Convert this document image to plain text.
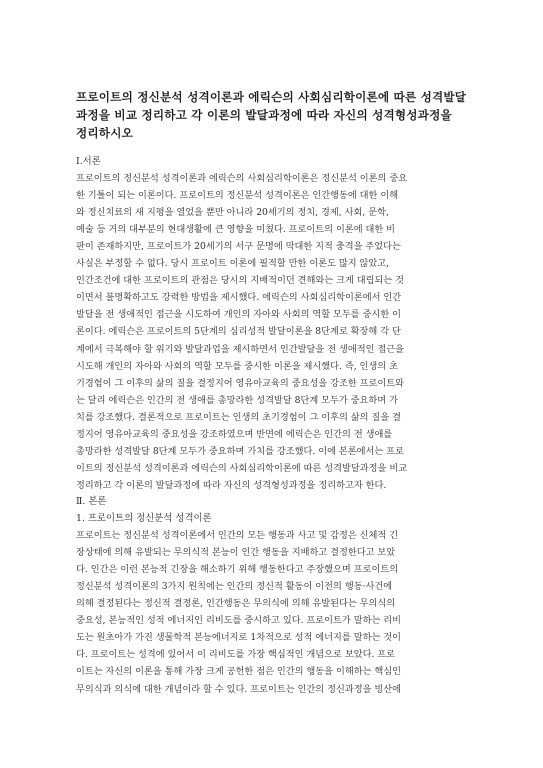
프로이트의 정신분석 성격이론과 에릭슨의 사회심리학이론에 따른 성격발달
과정을 비교 정리하고 각 이론의 발달과정에 따라 자신의 성격형성과정을
정리하시오
Ⅰ.서론
프로이트의 정신분석 성격이론과 에릭슨의 사회심리학이론은 정신분석 이론의 중요
한 기틀이 되는 이론이다. 프로이트의 정신분석 성격이론은 인간행동에 대한 이해
와 정신치료의 새 지평을 열었을 뿐만 아니라 20세기의 정치, 경제, 사회, 문학,
예술 등 거의 대부분의 현대생활에 큰 영향을 미쳤다. 프로이트의 이론에 대한 비
판이 존재하지만, 프로이트가 20세기의 서구 문명에 막대한 지적 충격을 주었다는
사실은 부정할 수 없다. 당시 프로이트 이론에 필적할 만한 이론도 많지 않았고,
인간조건에 대한 프로이트의 관점은 당시의 지배적이던 견해와는 크게 대립되는 것
이면서 불명확하고도 강력한 방법을 제시했다. 에릭슨의 사회심리학이론에서 인간
발달을 전 생애적인 접근을 시도하여 개인의 자아와 사회의 역할 모두를 중시한 이
론이다. 에릭슨은 프로이트의 5단계의 심리성적 발달이론을 8단계로 확장해 각 단
계에서 극복해야 할 위기와 발달과업을 제시하면서 인간발달을 전 생애적인 접근을
시도해 개인의 자아와 사회의 역할 모두를 중시한 이론을 제시했다. 즉, 인생의 초
기경험이 그 이후의 삶의 질을 결정지어 영유아교육의 중요성을 강조한 프로이트와
는 달리 에릭슨은 인간의 전 생애를 총망라한 성격발달 8단계 모두가 중요하며 가
치를 강조했다. 결론적으로 프로이트는 인생의 초기경험이 그 이후의 삶의 질을 결
정지어 영유아교육의 중요성을 강조하였으며 반면에 에릭슨은 인간의 전 생애를
총망라한 성격발달 8단계 모두가 중요하며 가치를 강조했다. 이에 본론에서는 프로
이트의 정신분석 성격이론과 에릭슨의 사회심리학이론에 따른 성격발달과정을 비교
정리하고 각 이론의 발달과정에 따라 자신의 성격형성과정을 정리하고자 한다.
Ⅱ. 본론
1. 프로이트의 정신분석 성격이론
프로이트는 정신분석 성격이론에서 인간의 모든 행동과 사고 및 감정은 신체적 긴
장상태에 의해 유발되는 무의식적 본능이 인간 행동을 지배하고 결정한다고 보았
다. 인간은 이런 본능적 긴장을 해소하기 위해 행동한다고 주장했으며 프로이트의
정신분석 성격이론의 3가지 원칙에는 인간의 정신적 활동이 이전의 행동·사건에
의해 결정된다는 정신적 결정론, 인간행동은 무의식에 의해 유발된다는 무의식의
중요성, 본능적인 성적 에너지인 리비도를 중시하고 있다. 프로이트가 말하는 리비
도는 원초아가 가진 생물학적 본능에너지로 1차적으로 성적 에너지를 말하는 것이
다. 프로이트는 성격에 있어서 이 리비도를 가장 핵심적인 개념으로 보았다. 프로
이트는 자신의 이론을 통해 가장 크게 공헌한 점은 인간의 행동을 이해하는 핵심인
무의식과 의식에 대한 개념이라 할 수 있다. 프로이트는 인간의 정신과정을 빙산에
